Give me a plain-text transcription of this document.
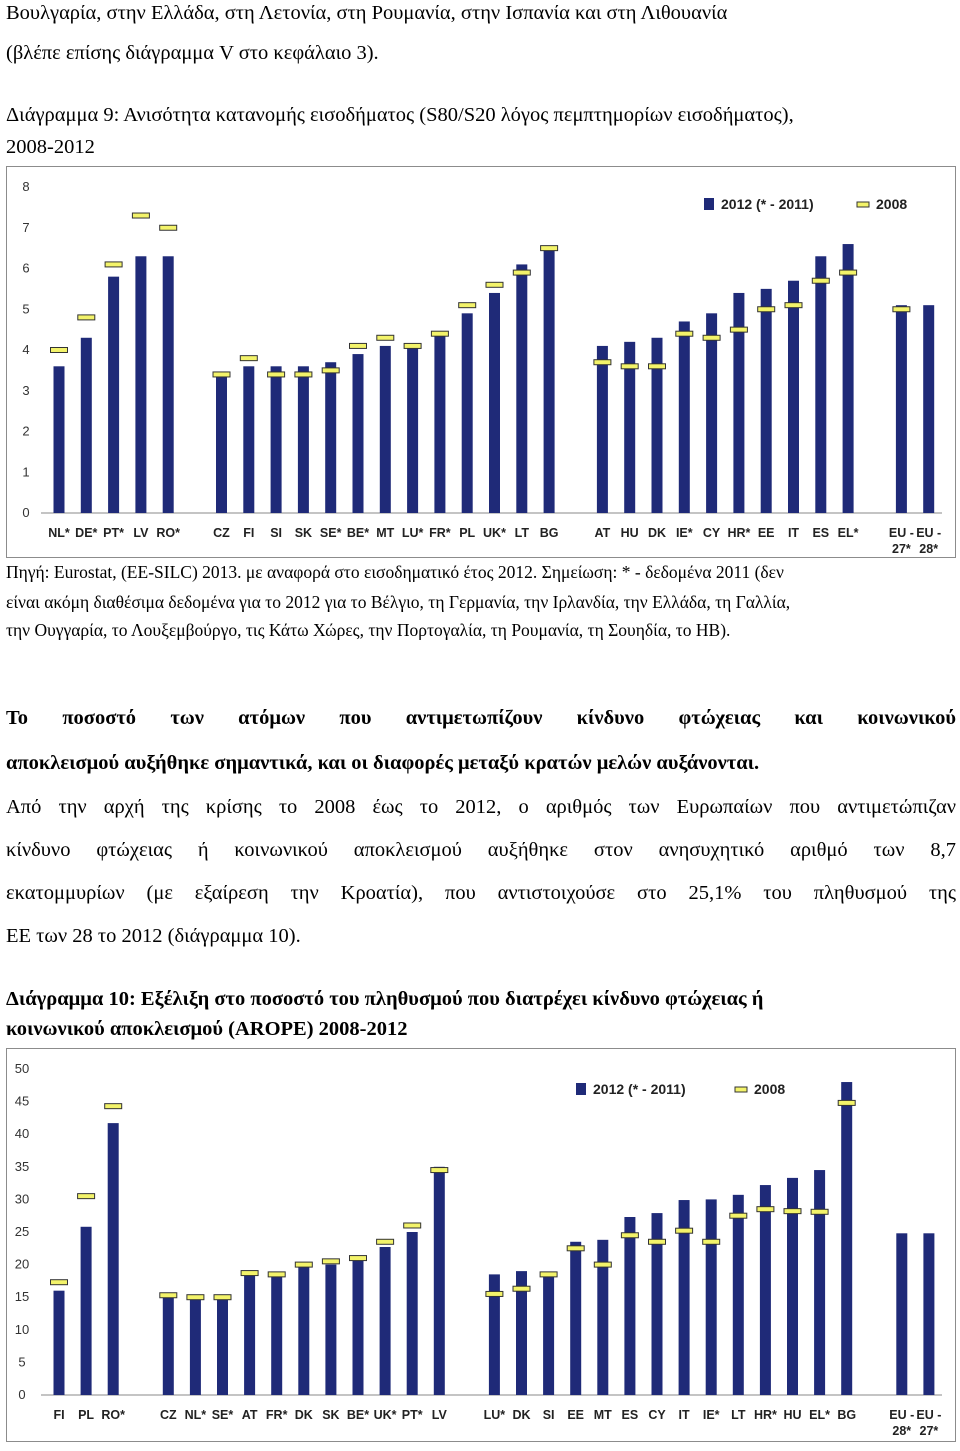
Βουλγαρία, στην Ελλάδα, στη Λετονία, στη Ρουμανία, στην Ισπανία και στη Λιθουανία
(βλέπε επίσης διάγραμμα V στο κεφάλαιο 3).
Διάγραμμα 9: Ανισότητα κατανομής εισοδήματος (S80/S20 λόγος πεμπτημορίων εισοδήματος),
2008-2012
0
1
2
3
4
5
6
7
8
NL* DE* PT* LV RO*	CZ FI SI SK SE* BE* MT LU* FR* PL UK* LT BG	AT HU DK IE* CY HR* EE IT ES EL* EU -27*
EU -28*
2012 (* - 2011)	2008
Πηγή: Eurostat, (EE-SILC) 2013. με αναφορά στο εισοδηματικό έτος 2012. Σημείωση: * - δεδομένα 2011 (δεν
είναι ακόμη διαθέσιμα δεδομένα για το 2012 για το Βέλγιο, τη Γερμανία, την Ιρλανδία, την Ελλάδα, τη Γαλλία,
την Ουγγαρία, το Λουξεμβούργο, τις Κάτω Χώρες, την Πορτογαλία, τη Ρουμανία, τη Σουηδία, το ΗΒ).
Το ποσοστό των ατόμων που αντιμετωπίζουν κίνδυνο φτώχειας και κοινωνικού
αποκλεισμού αυξήθηκε σημαντικά, και οι διαφορές μεταξύ κρατών μελών αυξάνονται.
Από την αρχή της κρίσης το 2008 έως το 2012, ο αριθμός των Ευρωπαίων που αντιμετώπιζαν
κίνδυνο φτώχειας ή κοινωνικού αποκλεισμού αυξήθηκε στον ανησυχητικό αριθμό των 8,7
εκατομμυρίων (με εξαίρεση την Κροατία), που αντιστοιχούσε στο 25,1% του πληθυσμού της
ΕΕ των 28 το 2012 (διάγραμμα 10).
Διάγραμμα 10: Εξέλιξη στο ποσοστό του πληθυσμού που διατρέχει κίνδυνο φτώχειας ή
κοινωνικού αποκλεισμού (AROPE) 2008-2012
0
5
10
15
20
25
30
35
40
45
50
FI PL RO*	CZ NL* SE* AT FR* DK SK BE* UK* PT* LV	LU* DK SI EE MT ES CY IT IE* LT HR* HU EL* BG	EU -28*
EU -27*
2012 (* - 2011)	2008
